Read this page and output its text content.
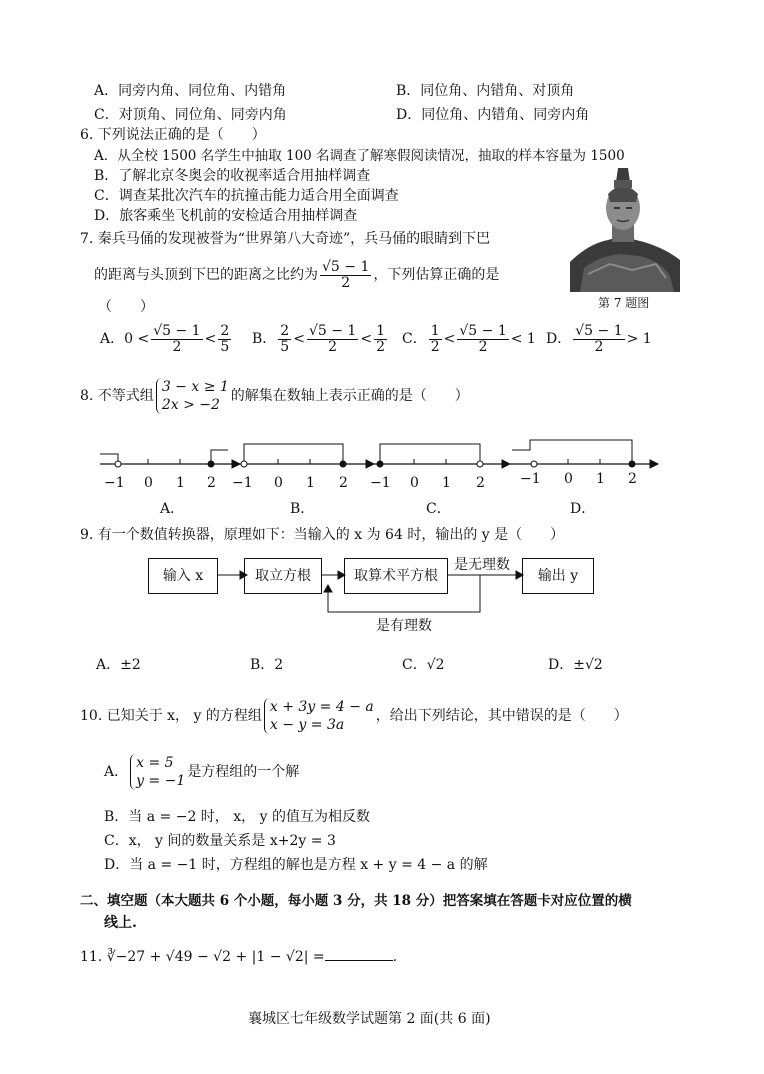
A．同旁内角、同位角、内错角	B．同位角、内错角、对顶角
C．对顶角、同位角、同旁内角	D．同位角、内错角、同旁内角
6. 下列说法正确的是（　　）
A．从全校 1500 名学生中抽取 100 名调查了解寒假阅读情况，抽取的样本容量为 1500
B．了解北京冬奥会的收视率适合用抽样调查
C．调查某批次汽车的抗撞击能力适合用全面调查
D．旅客乘坐飞机前的安检适合用抽样调查
7. 秦兵马俑的发现被誉为“世界第八大奇迹”，兵马俑的眼睛到下巴
的距离与头顶到下巴的距离之比约为 $\frac{√5 - 1}{2}$ ，下列估算正确的是
（　　）	第 7 题图
A．$0 < \frac{√5 - 1}{2} < \frac{2}{5}$ B． $\frac{2}{5} < \frac{√5 - 1}{2} < \frac{1}{2}$ C． $\frac{1}{2} < \frac{√5 - 1}{2} < 1$ D． $\frac{√5 - 1}{2} > 1$
8. 不等式组
3 − x ≥ 1
2x > −2
的解集在数轴上表示正确的是（　　）
−1 0 1 2 −1 0 1 2 −1 0 1 2	−1 0 1 2
A．	B．	C．	D．
9. 有一个数值转换器，原理如下：当输入的 x 为 64 时，输出的 y 是（　　）
输入 x	取立方根	取算术平方根	输出 y
是无理数
是有理数
A．±2	B．2	C．√2	D．±√2
10. 已知关于 x， y 的方程组
x + 3y = 4 − a
x − y = 3a
，给出下列结论，其中错误的是（　　）
A．
x = 5
y = −1
是方程组的一个解
B．当 a = −2 时， x， y 的值互为相反数
C．x， y 间的数量关系是 x+2y = 3
D．当 a = −1 时，方程组的解也是方程 x + y = 4 − a 的解
二、填空题（本大题共 6 个小题，每小题 3 分，共 18 分）把答案填在答题卡对应位置的横
线上.
11. ∛−27 + √49 − √2 + |1 − √2| =	.
襄城区七年级数学试题第 2 面(共 6 面)
